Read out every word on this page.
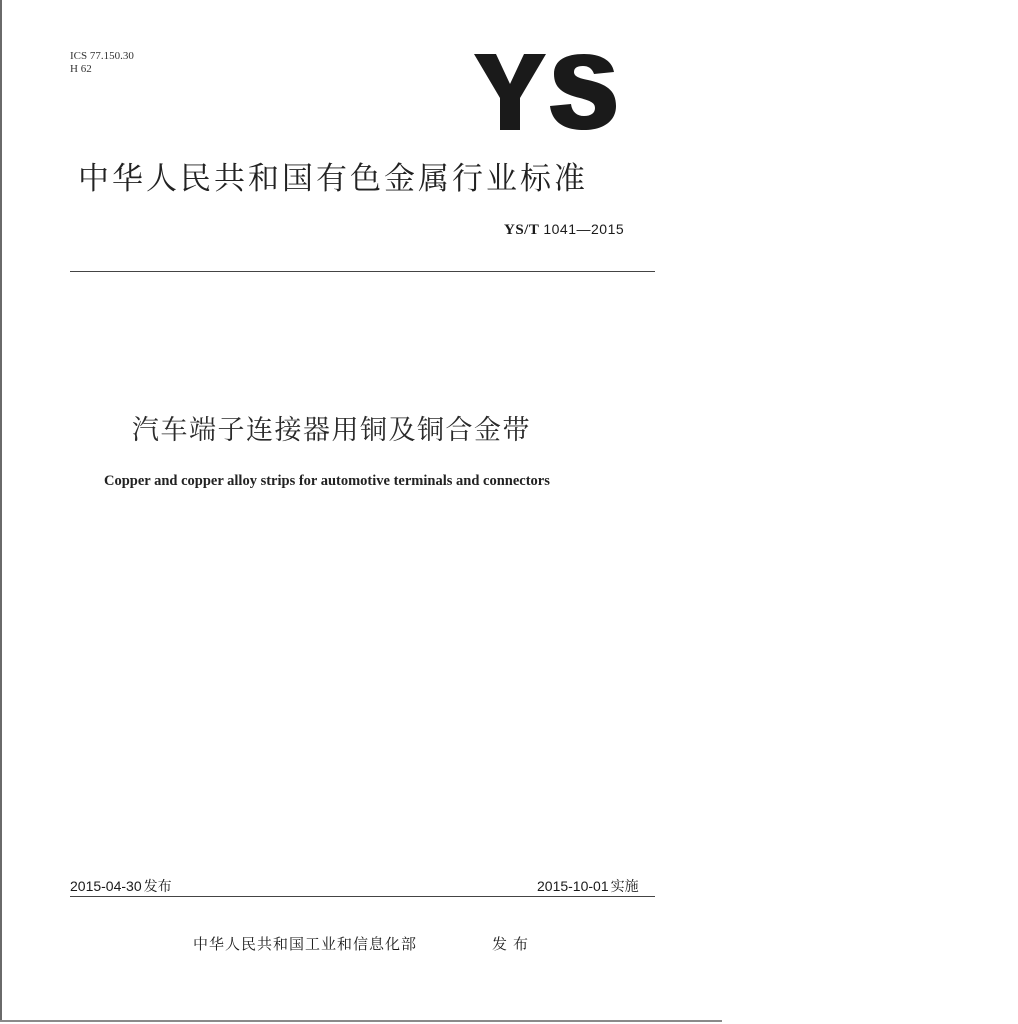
ICS 77.150.30
H 62
中华人民共和国有色金属行业标准
YS/T 1041—2015
汽车端子连接器用铜及铜合金带
Copper and copper alloy strips for automotive terminals and connectors
2015-04-30 发布	2015-10-01 实施
中华人民共和国工业和信息化部	发布
